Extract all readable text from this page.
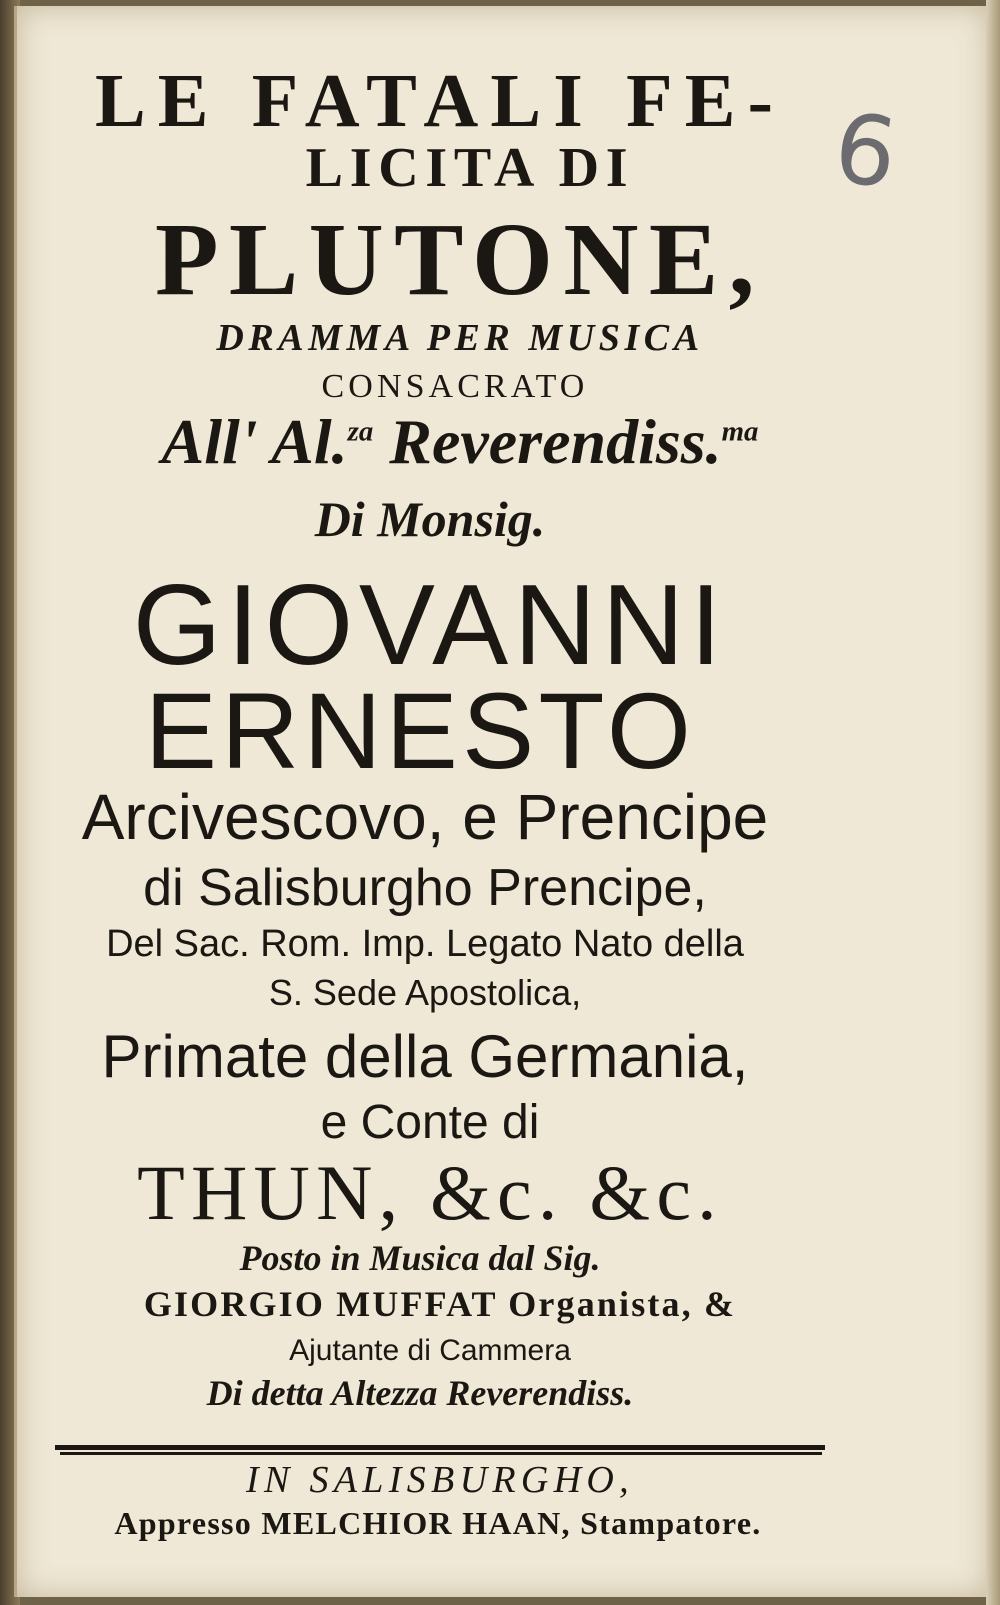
6
LE FATALI FE-
LICITA DI
PLUTONE,
DRAMMA PER MUSICA
CONSACRATO
All' Al.$^{za}$ Reverendiss.$^{ma}$
Di Monsig.
GIOVANNI
ERNESTO
Arcivescovo, e Prencipe
di Salisburgho Prencipe,
Del Sac. Rom. Imp. Legato Nato della
S. Sede Apostolica,
Primate della Germania,
e Conte di
THUN, &c. &c.
Posto in Musica dal Sig.
GIORGIO MUFFAT Organista, &
Ajutante di Cammera
Di detta Altezza Reverendiss.
IN SALISBURGHO,
Appresso MELCHIOR HAAN, Stampatore.
